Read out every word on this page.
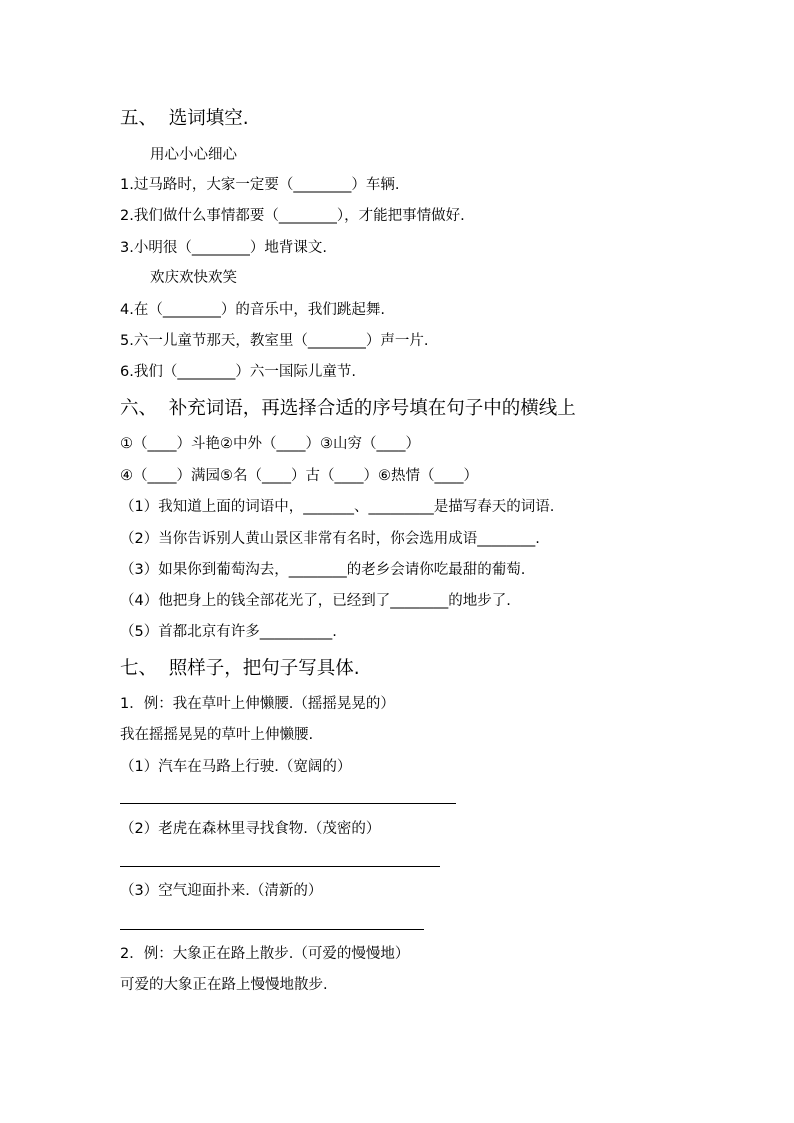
五、  选词填空.
用心小心细心
1.过马路时，大家一定要（________）车辆.
2.我们做什么事情都要（________），才能把事情做好.
3.小明很（________）地背课文.
欢庆欢快欢笑
4.在（________）的音乐中，我们跳起舞.
5.六一儿童节那天，教室里（________）声一片.
6.我们（________）六一国际儿童节.
六、  补充词语，再选择合适的序号填在句子中的横线上
①（____）斗艳②中外（____）③山穷（____）
④（____）满园⑤名（____）古（____）⑥热情（____）
（1）我知道上面的词语中，_______、_________是描写春天的词语.
（2）当你告诉别人黄山景区非常有名时，你会选用成语________.
（3）如果你到葡萄沟去，________的老乡会请你吃最甜的葡萄.
（4）他把身上的钱全部花光了，已经到了________的地步了.
（5）首都北京有许多__________.
七、  照样子，把句子写具体.
1．例：我在草叶上伸懒腰.（摇摇晃晃的）
我在摇摇晃晃的草叶上伸懒腰.
（1）汽车在马路上行驶.（宽阔的）
（2）老虎在森林里寻找食物.（茂密的）
（3）空气迎面扑来.（清新的）
2．例：大象正在路上散步.（可爱的慢慢地）
可爱的大象正在路上慢慢地散步.
